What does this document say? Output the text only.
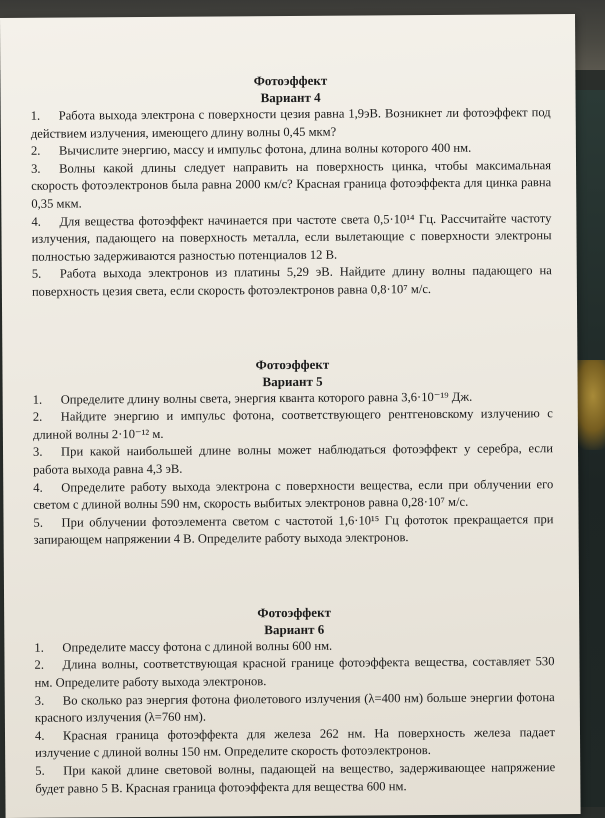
Фотоэффект
Вариант 4
1. Работа выхода электрона с поверхности цезия равна 1,9эВ. Возникнет ли фотоэффект под действием излучения, имеющего длину волны 0,45 мкм?
2. Вычислите энергию, массу и импульс фотона, длина волны которого 400 нм.
3. Волны какой длины следует направить на поверхность цинка, чтобы максимальная скорость фотоэлектронов была равна 2000 км/с? Красная граница фотоэффекта для цинка равна 0,35 мкм.
4. Для вещества фотоэффект начинается при частоте света 0,5·10¹⁴ Гц. Рассчитайте частоту излучения, падающего на поверхность металла, если вылетающие с поверхности электроны полностью задерживаются разностью потенциалов 12 В.
5. Работа выхода электронов из платины 5,29 эВ. Найдите длину волны падающего на поверхность цезия света, если скорость фотоэлектронов равна 0,8·10⁷ м/с.
Фотоэффект
Вариант 5
1. Определите длину волны света, энергия кванта которого равна 3,6·10⁻¹⁹ Дж.
2. Найдите энергию и импульс фотона, соответствующего рентгеновскому излучению с длиной волны 2·10⁻¹² м.
3. При какой наибольшей длине волны может наблюдаться фотоэффект у серебра, если работа выхода равна 4,3 эВ.
4. Определите работу выхода электрона с поверхности вещества, если при облучении его светом с длиной волны 590 нм, скорость выбитых электронов равна 0,28·10⁷ м/с.
5. При облучении фотоэлемента светом с частотой 1,6·10¹⁵ Гц фототок прекращается при запирающем напряжении 4 В. Определите работу выхода электронов.
Фотоэффект
Вариант 6
1. Определите массу фотона с длиной волны 600 нм.
2. Длина волны, соответствующая красной границе фотоэффекта вещества, составляет 530 нм. Определите работу выхода электронов.
3. Во сколько раз энергия фотона фиолетового излучения (λ=400 нм) больше энергии фотона красного излучения (λ=760 нм).
4. Красная граница фотоэффекта для железа 262 нм. На поверхность железа падает излучение с длиной волны 150 нм. Определите скорость фотоэлектронов.
5. При какой длине световой волны, падающей на вещество, задерживающее напряжение будет равно 5 В. Красная граница фотоэффекта для вещества 600 нм.
